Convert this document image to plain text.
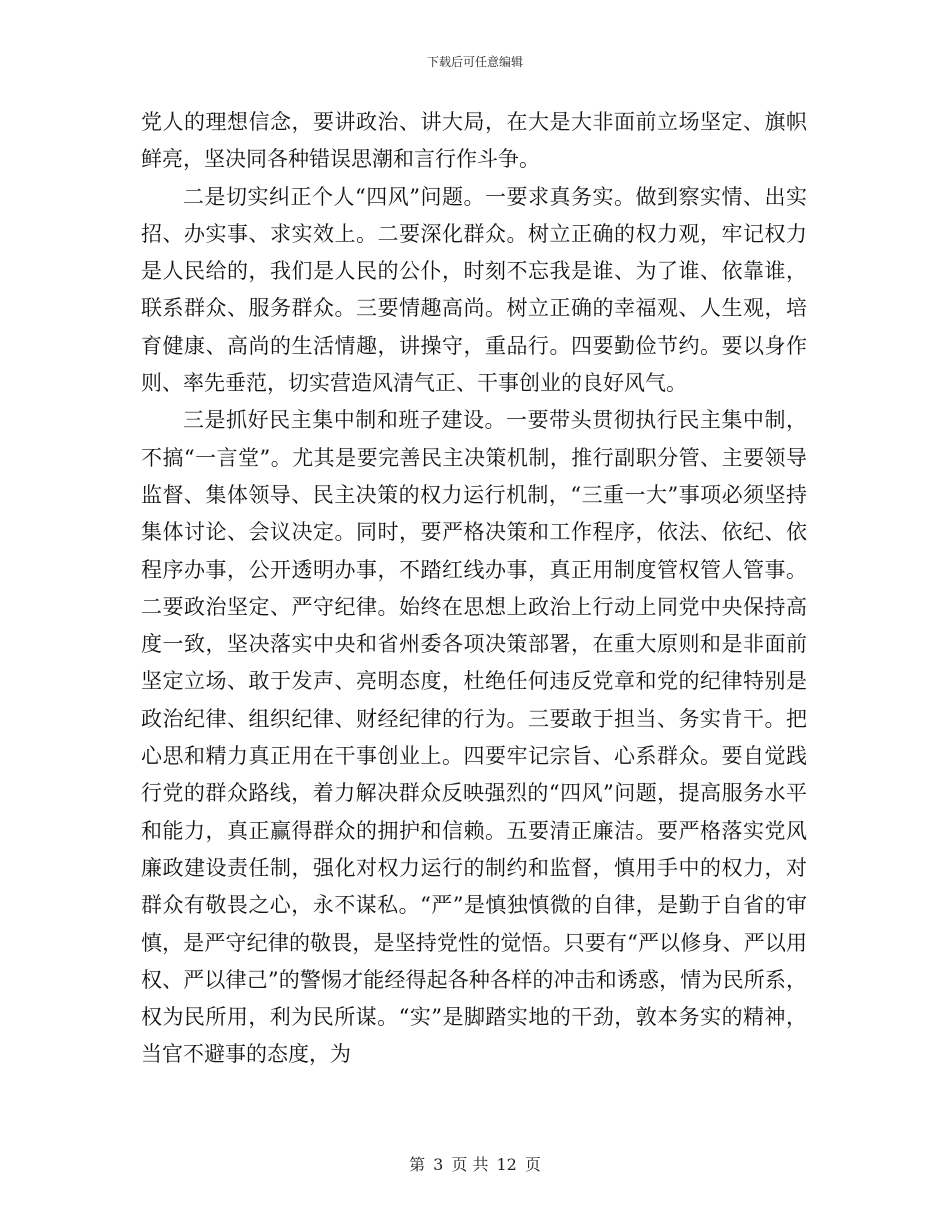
下载后可任意编辑

党人的理想信念，要讲政治、讲大局，在大是大非面前立场坚定、旗帜鲜亮，坚决同各种错误思潮和言行作斗争。

二是切实纠正个人“四风”问题。一要求真务实。做到察实情、出实招、办实事、求实效上。二要深化群众。树立正确的权力观，牢记权力是人民给的，我们是人民的公仆，时刻不忘我是谁、为了谁、依靠谁，联系群众、服务群众。三要情趣高尚。树立正确的幸福观、人生观，培育健康、高尚的生活情趣，讲操守，重品行。四要勤俭节约。要以身作则、率先垂范，切实营造风清气正、干事创业的良好风气。

三是抓好民主集中制和班子建设。一要带头贯彻执行民主集中制，不搞“一言堂”。尤其是要完善民主决策机制，推行副职分管、主要领导监督、集体领导、民主决策的权力运行机制，“三重一大”事项必须坚持集体讨论、会议决定。同时，要严格决策和工作程序，依法、依纪、依程序办事，公开透明办事，不踏红线办事，真正用制度管权管人管事。二要政治坚定、严守纪律。始终在思想上政治上行动上同党中央保持高度一致，坚决落实中央和省州委各项决策部署，在重大原则和是非面前坚定立场、敢于发声、亮明态度，杜绝任何违反党章和党的纪律特别是政治纪律、组织纪律、财经纪律的行为。三要敢于担当、务实肯干。把心思和精力真正用在干事创业上。四要牢记宗旨、心系群众。要自觉践行党的群众路线，着力解决群众反映强烈的“四风”问题，提高服务水平和能力，真正赢得群众的拥护和信赖。五要清正廉洁。要严格落实党风廉政建设责任制，强化对权力运行的制约和监督，慎用手中的权力，对群众有敬畏之心，永不谋私。“严”是慎独慎微的自律，是勤于自省的审慎，是严守纪律的敬畏，是坚持党性的觉悟。只要有“严以修身、严以用权、严以律己”的警惕才能经得起各种各样的冲击和诱惑，情为民所系，权为民所用，利为民所谋。“实”是脚踏实地的干劲，敦本务实的精神，当官不避事的态度，为

第 3 页 共 12 页
